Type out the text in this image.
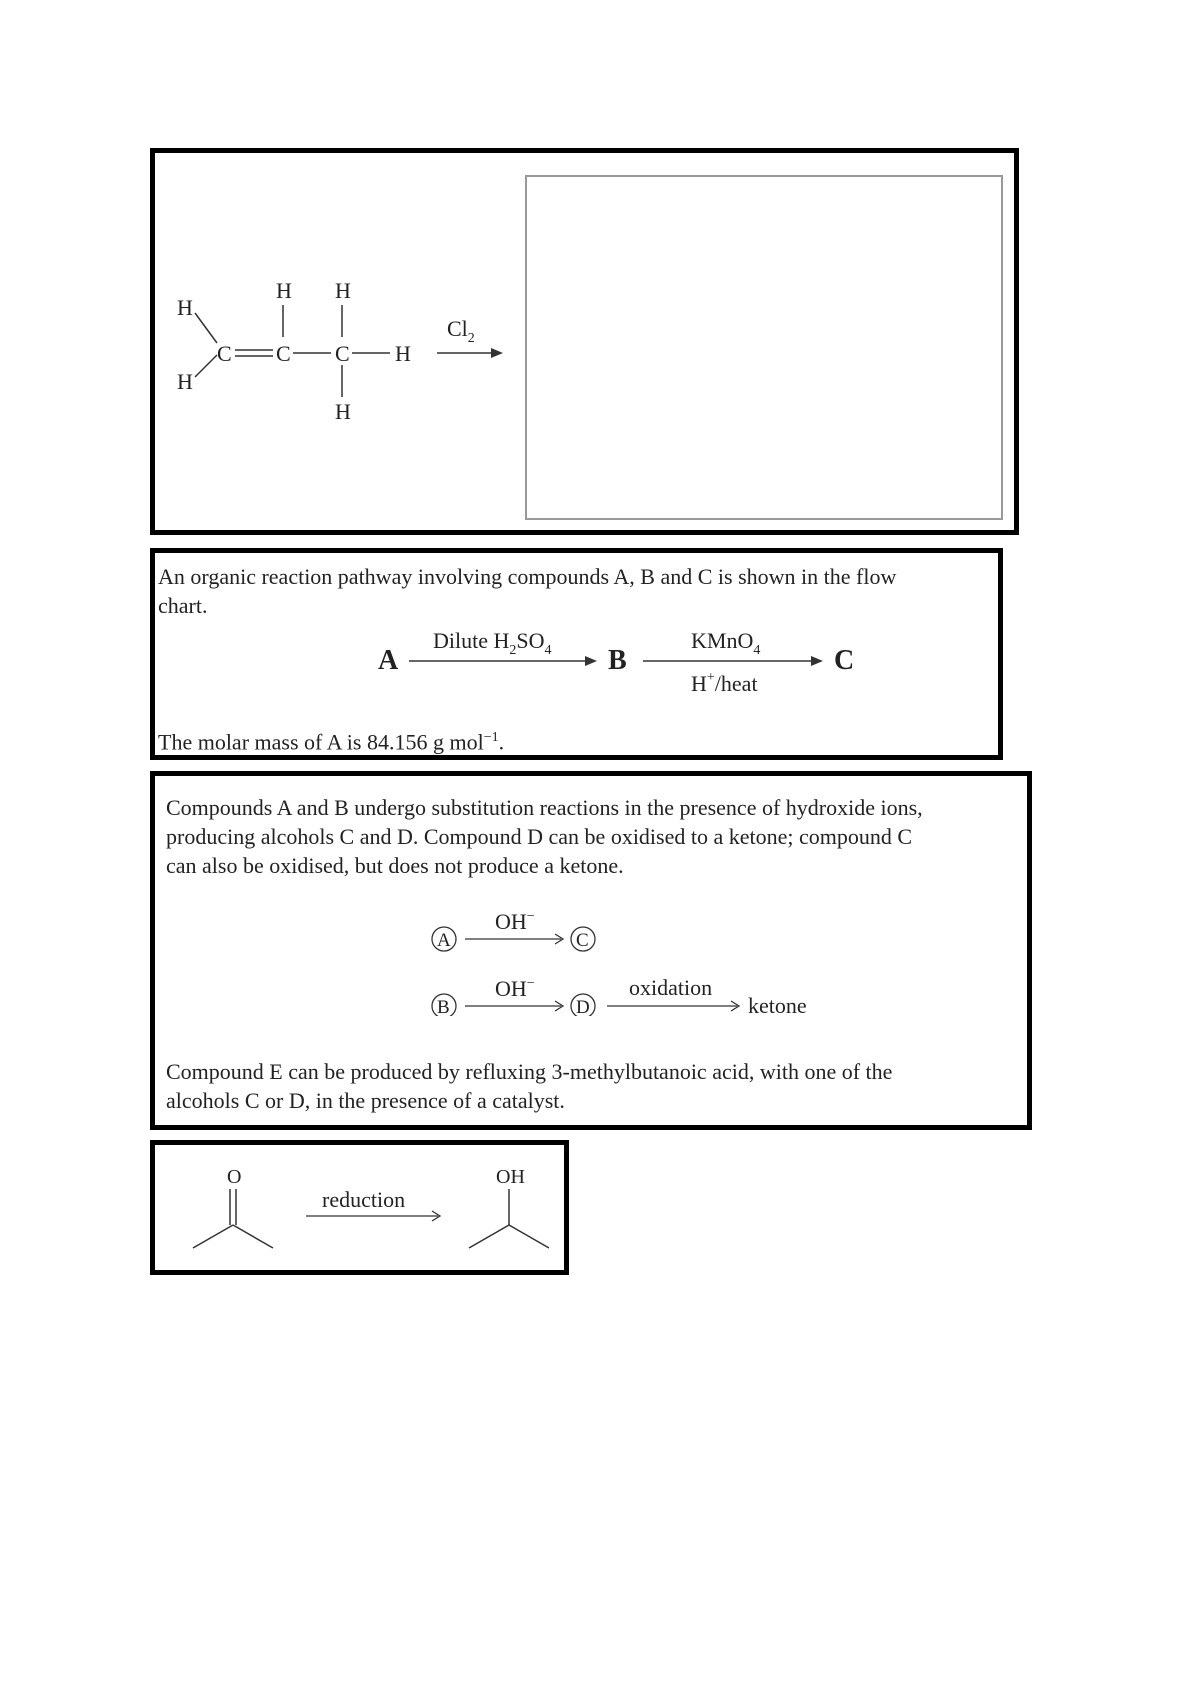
H
H
C C C
H H
H
H
$Cl_2$

An organic reaction pathway involving compounds A, B and C is shown in the flow

chart.

A
Dilute $H_2SO_4$ B
KMnO$_4$
H+/heat
C

The molar mass of A is 84.156 g mol$^{-1}$.

Compounds A and B undergo substitution reactions in the presence of hydroxide ions,

producing alcohols C and D. Compound D can be oxidised to a ketone; compound C

can also be oxidised, but does not produce a ketone.

A	C
B	D
OH−
OH−	oxidation
ketone

Compound E can be produced by refluxing 3-methylbutanoic acid, with one of the

alcohols C or D, in the presence of a catalyst.

O
reduction
OH
